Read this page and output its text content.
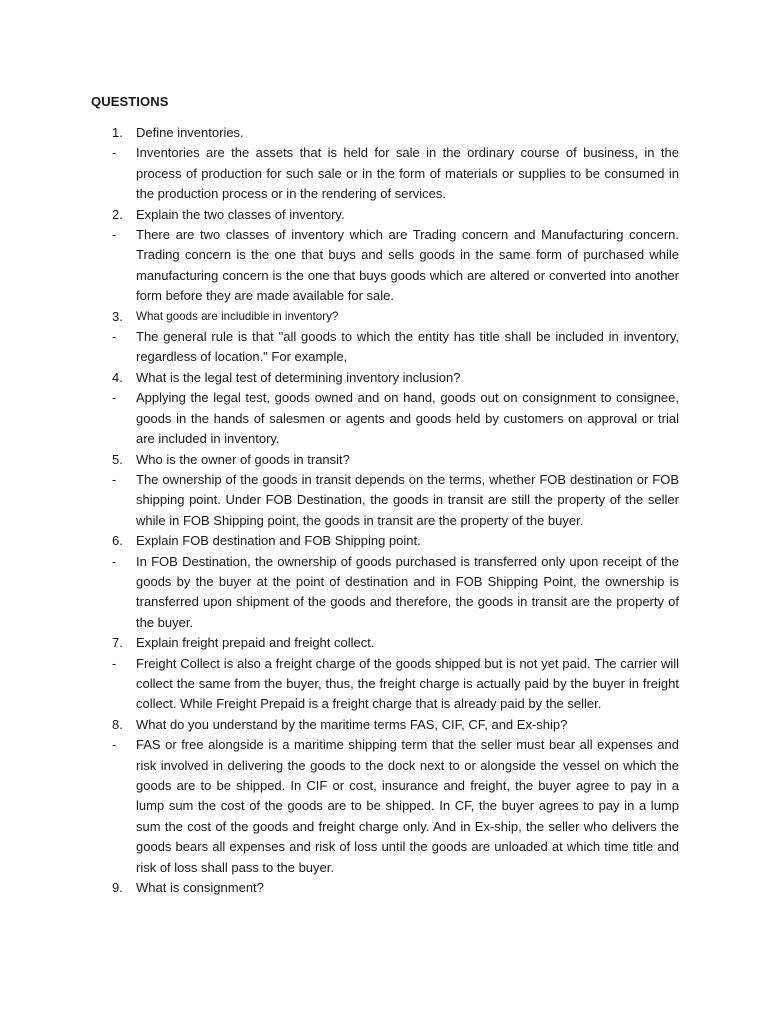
QUESTIONS
1.	Define inventories.
-	Inventories are the assets that is held for sale in the ordinary course of business, in the process of production for such sale or in the form of materials or supplies to be consumed in the production process or in the rendering of services.
2.	Explain the two classes of inventory.
-	There are two classes of inventory which are Trading concern and Manufacturing concern. Trading concern is the one that buys and sells goods in the same form of purchased while manufacturing concern is the one that buys goods which are altered or converted into another form before they are made available for sale.
3.	What goods are includible in inventory?
-	The general rule is that "all goods to which the entity has title shall be included in inventory, regardless of location." For example,
4.	What is the legal test of determining inventory inclusion?
-	Applying the legal test, goods owned and on hand, goods out on consignment to consignee, goods in the hands of salesmen or agents and goods held by customers on approval or trial are included in inventory.
5.	Who is the owner of goods in transit?
-	The ownership of the goods in transit depends on the terms, whether FOB destination or FOB shipping point. Under FOB Destination, the goods in transit are still the property of the seller while in FOB Shipping point, the goods in transit are the property of the buyer.
6.	Explain FOB destination and FOB Shipping point.
-	In FOB Destination, the ownership of goods purchased is transferred only upon receipt of the goods by the buyer at the point of destination and in FOB Shipping Point, the ownership is transferred upon shipment of the goods and therefore, the goods in transit are the property of the buyer.
7.	Explain freight prepaid and freight collect.
-	Freight Collect is also a freight charge of the goods shipped but is not yet paid. The carrier will collect the same from the buyer, thus, the freight charge is actually paid by the buyer in freight collect. While Freight Prepaid is a freight charge that is already paid by the seller.
8.	What do you understand by the maritime terms FAS, CIF, CF, and Ex-ship?
-	FAS or free alongside is a maritime shipping term that the seller must bear all expenses and risk involved in delivering the goods to the dock next to or alongside the vessel on which the goods are to be shipped. In CIF or cost, insurance and freight, the buyer agree to pay in a lump sum the cost of the goods are to be shipped. In CF, the buyer agrees to pay in a lump sum the cost of the goods and freight charge only. And in Ex-ship, the seller who delivers the goods bears all expenses and risk of loss until the goods are unloaded at which time title and risk of loss shall pass to the buyer.
9.	What is consignment?
